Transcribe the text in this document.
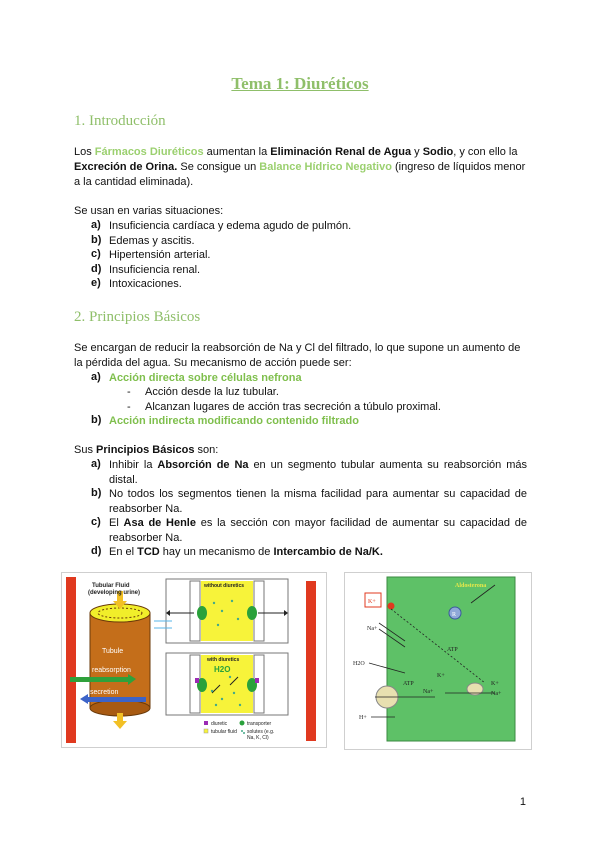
Tema 1: Diuréticos
1. Introducción
Los Fármacos Diuréticos aumentan la Eliminación Renal de Agua y Sodio, y con ello la
Excreción de Orina. Se consigue un Balance Hídrico Negativo (ingreso de líquidos menor
a la cantidad eliminada).
Se usan en varias situaciones:
a) Insuficiencia cardíaca y edema agudo de pulmón.
b) Edemas y ascitis.
c) Hipertensión arterial.
d) Insuficiencia renal.
e) Intoxicaciones.
2. Principios Básicos
Se encargan de reducir la reabsorción de Na y Cl del filtrado, lo que supone un aumento de
la pérdida del agua. Su mecanismo de acción puede ser:
a) Acción directa sobre células nefrona
- Acción desde la luz tubular.
- Alcanzan lugares de acción tras secreción a túbulo proximal.
b) Acción indirecta modificando contenido filtrado
Sus Principios Básicos son:
a) Inhibir la Absorción de Na en un segmento tubular aumenta su reabsorción más
distal.
b) No todos los segmentos tienen la misma facilidad para aumentar su capacidad de
reabsorber Na.
c) El Asa de Henle es la sección con mayor facilidad de aumentar su capacidad de
reabsorber Na.
d) En el TCD hay un mecanismo de Intercambio de Na/K.
Tubular Fluid
(developing urine)
Tubule
reabsorption
secretion
without diuretics
with diuretics
H2O
diuretic	transporter
tubular fluid solutes (e.g.
Na, K, Cl)
Aldosterona
R
K+
Na+
ATP
H2O
ATP
Na+
K+
K+
Na+
H+
1
